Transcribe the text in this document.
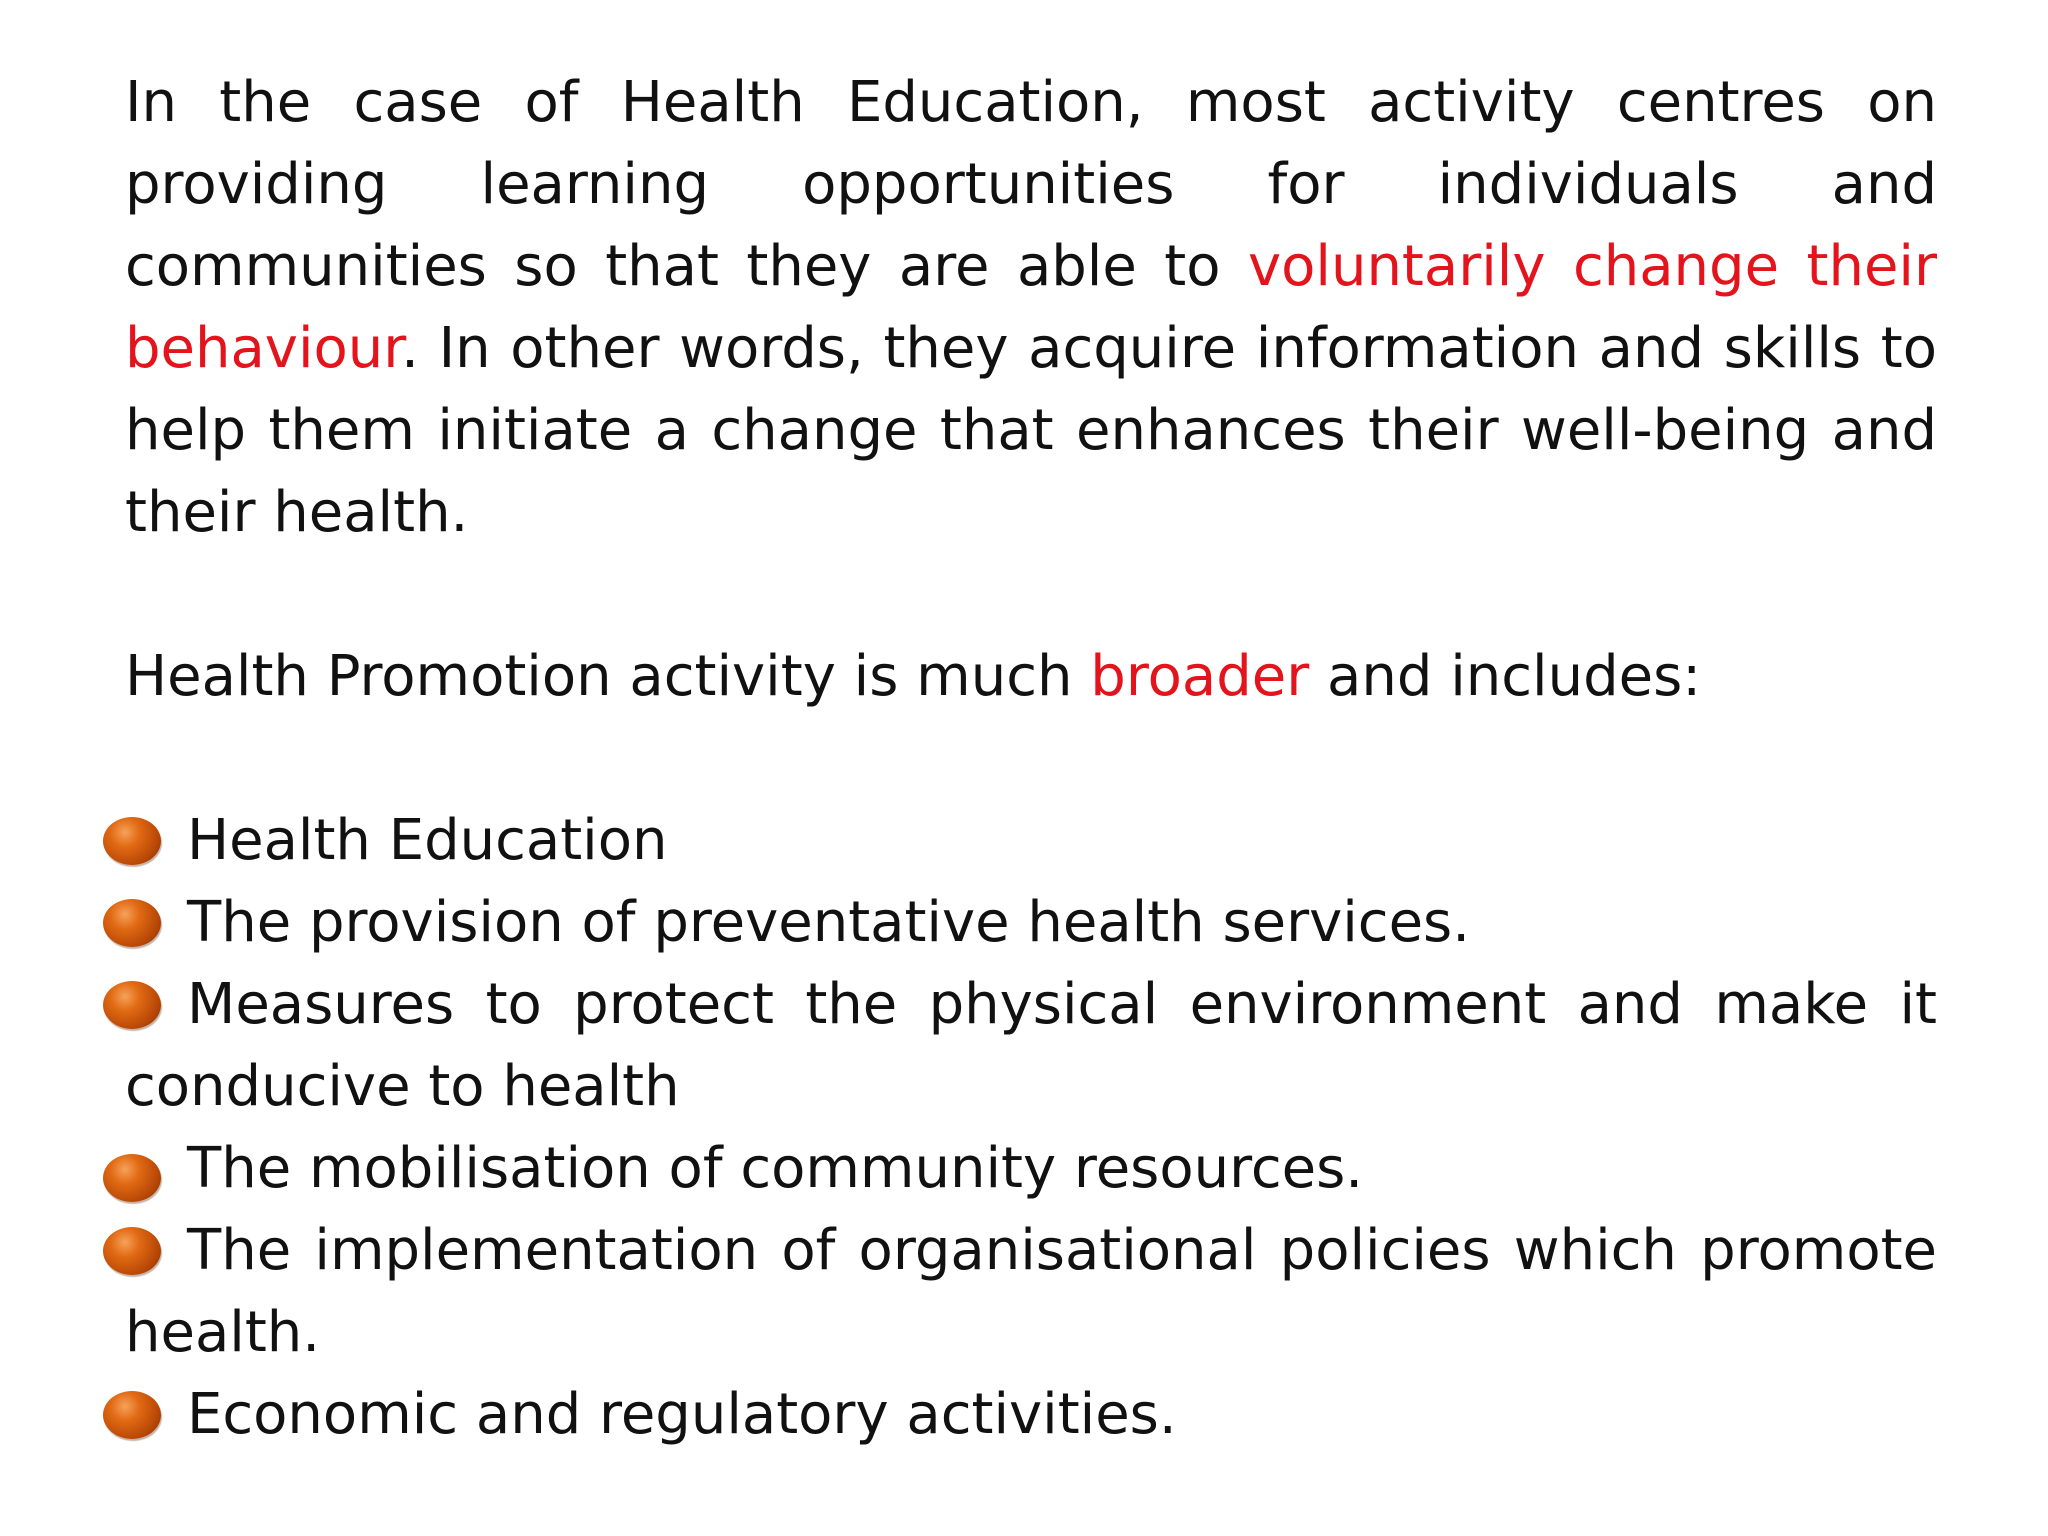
In the case of Health Education, most activity centres on providing learning opportunities for individuals and communities so that they are able to voluntarily change their behaviour. In other words, they acquire information and skills to help them initiate a change that enhances their well-being and their health.

Health Promotion activity is much broader and includes:

Health Education
The provision of preventative health services.
Measures to protect the physical environment and make it conducive to health
The mobilisation of community resources.
The implementation of organisational policies which promote health.
Economic and regulatory activities.
